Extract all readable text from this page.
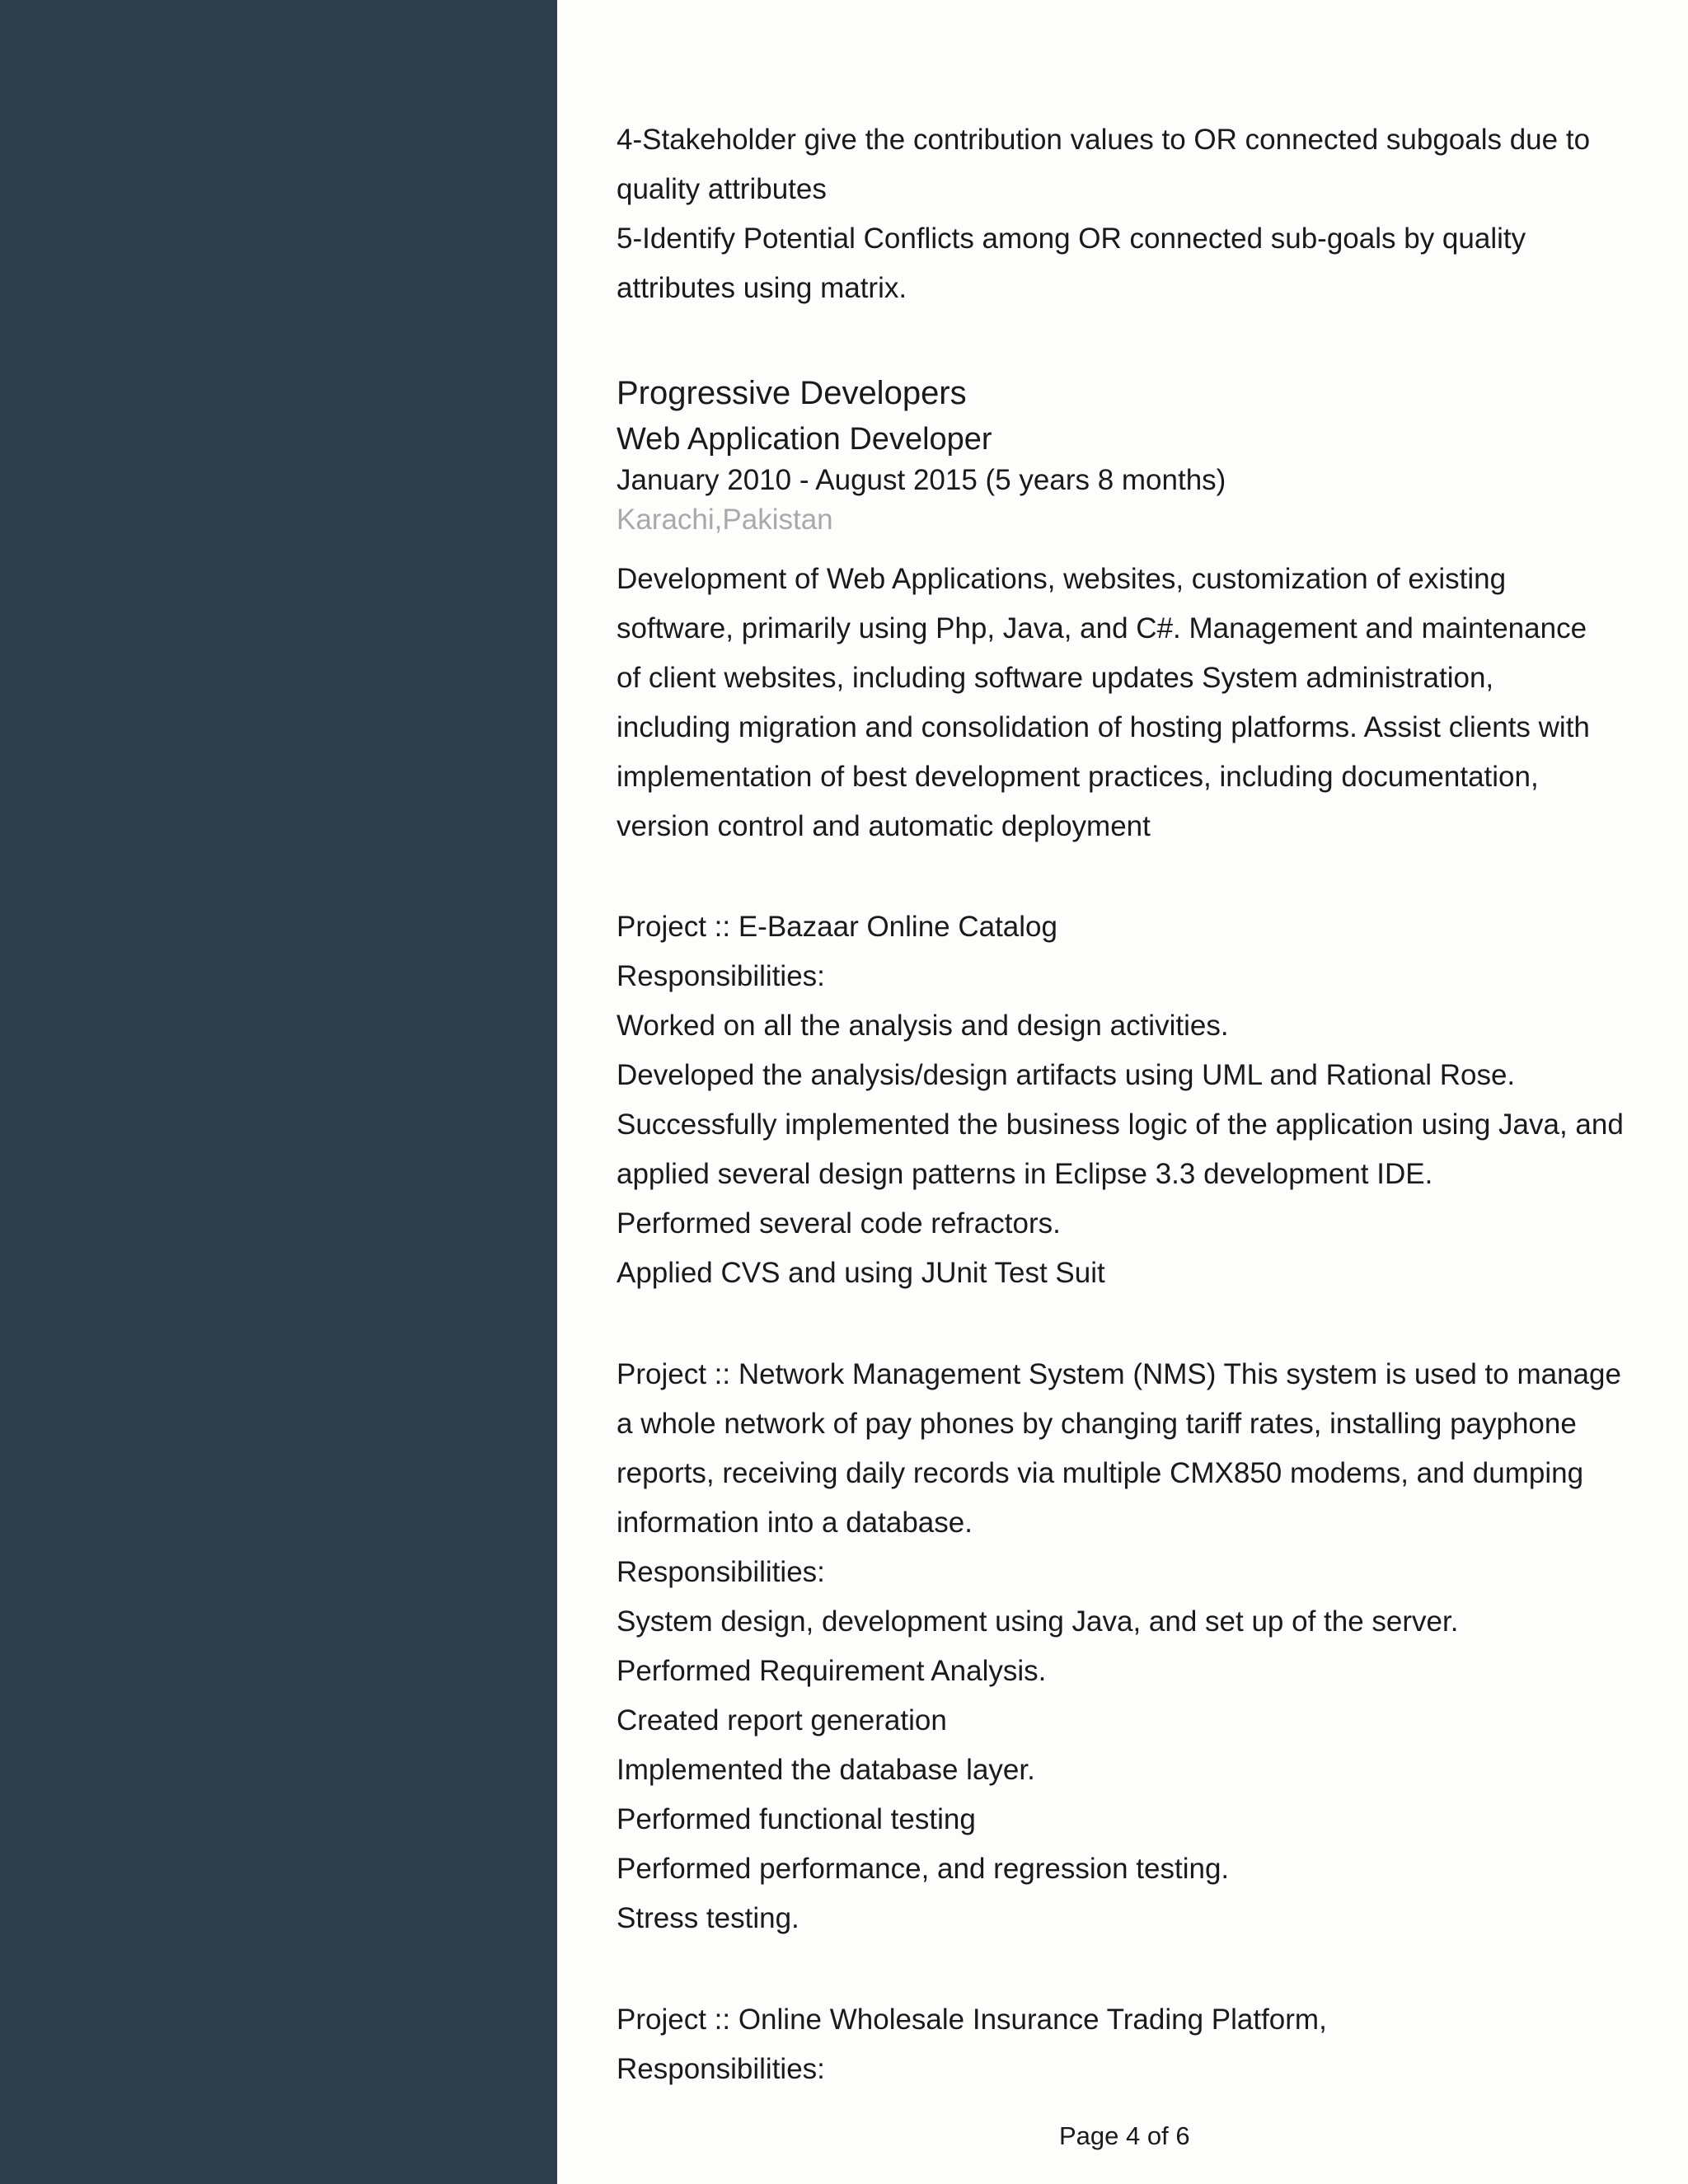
4-Stakeholder give the contribution values to OR connected subgoals due to
quality attributes
5-Identify Potential Conflicts among OR connected sub-goals by quality
attributes using matrix.
Progressive Developers
Web Application Developer
January 2010 - August 2015 (5 years 8 months)
Karachi,Pakistan
Development of Web Applications, websites, customization of existing
software, primarily using Php, Java, and C#. Management and maintenance
of client websites, including software updates System administration,
including migration and consolidation of hosting platforms. Assist clients with
implementation of best development practices, including documentation,
version control and automatic deployment
Project :: E-Bazaar Online Catalog
Responsibilities:
Worked on all the analysis and design activities.
Developed the analysis/design artifacts using UML and Rational Rose.
Successfully implemented the business logic of the application using Java, and
applied several design patterns in Eclipse 3.3 development IDE.
Performed several code refractors.
Applied CVS and using JUnit Test Suit
Project :: Network Management System (NMS) This system is used to manage
a whole network of pay phones by changing tariff rates, installing payphone
reports, receiving daily records via multiple CMX850 modems, and dumping
information into a database.
Responsibilities:
System design, development using Java, and set up of the server.
Performed Requirement Analysis.
Created report generation
Implemented the database layer.
Performed functional testing
Performed performance, and regression testing.
Stress testing.
Project :: Online Wholesale Insurance Trading Platform,
Responsibilities:
Page 4 of 6
